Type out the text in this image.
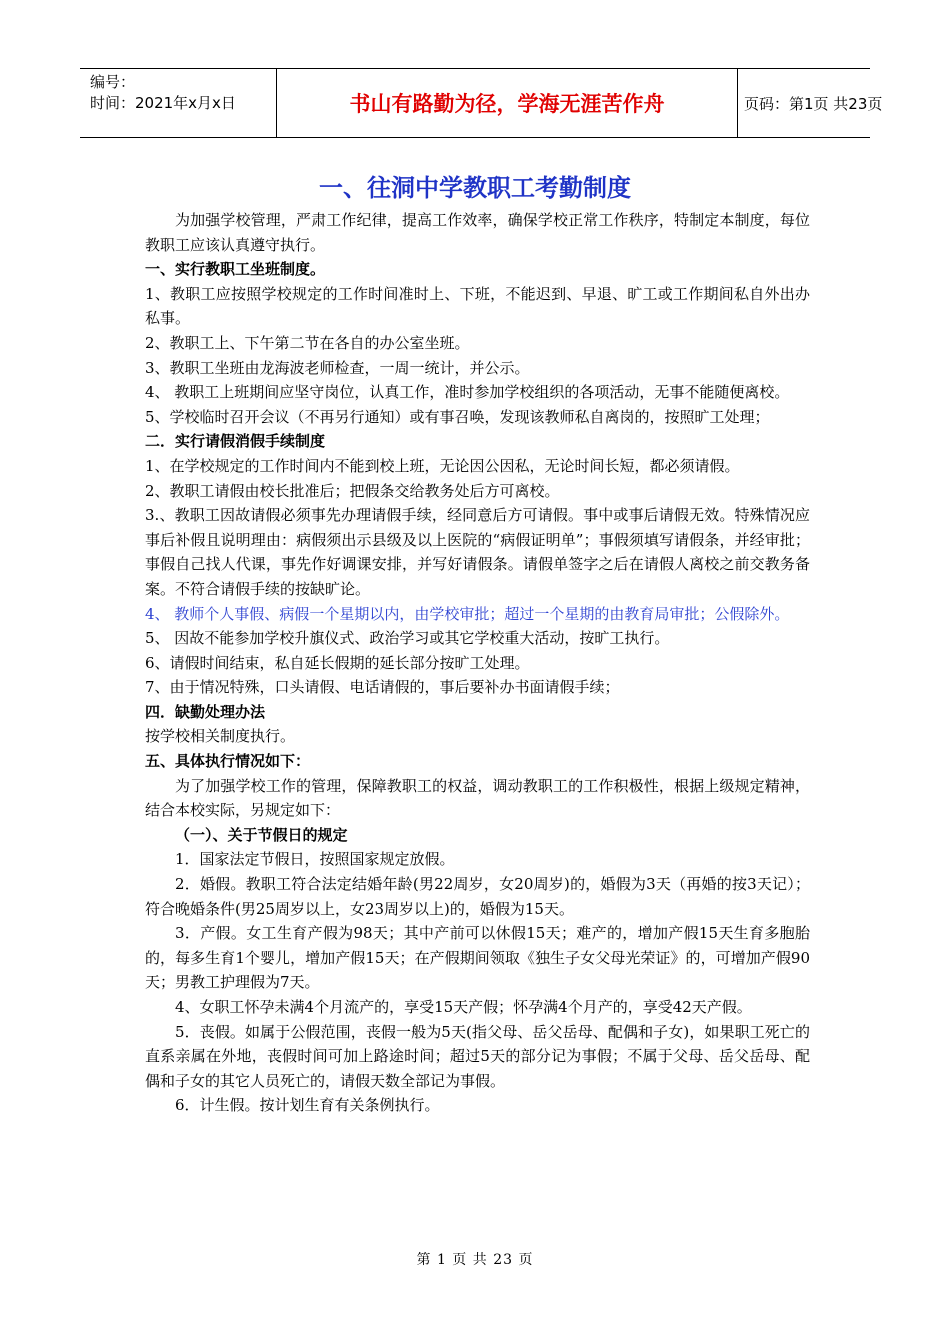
编号：
时间：2021年x月x日	书山有路勤为径，学海无涯苦作舟	页码：第1页 共23页
一、往洞中学教职工考勤制度

为加强学校管理，严肃工作纪律，提高工作效率，确保学校正常工作秩序，特制定本制度，每位教职工应该认真遵守执行。

一、实行教职工坐班制度。

1、教职工应按照学校规定的工作时间准时上、下班，不能迟到、早退、旷工或工作期间私自外出办私事。

2、教职工上、下午第二节在各自的办公室坐班。

3、教职工坐班由龙海波老师检查，一周一统计，并公示。

4、 教职工上班期间应坚守岗位，认真工作，准时参加学校组织的各项活动，无事不能随便离校。

5、学校临时召开会议（不再另行通知）或有事召唤，发现该教师私自离岗的，按照旷工处理；

二．实行请假消假手续制度

1、在学校规定的工作时间内不能到校上班，无论因公因私，无论时间长短，都必须请假。

2、教职工请假由校长批准后；把假条交给教务处后方可离校。

3.、教职工因故请假必须事先办理请假手续，经同意后方可请假。事中或事后请假无效。特殊情况应事后补假且说明理由：病假须出示县级及以上医院的“病假证明单”；事假须填写请假条，并经审批；事假自己找人代课，事先作好调课安排，并写好请假条。请假单签字之后在请假人离校之前交教务备案。不符合请假手续的按缺旷论。

4、 教师个人事假、病假一个星期以内，由学校审批；超过一个星期的由教育局审批；公假除外。

5、 因故不能参加学校升旗仪式、政治学习或其它学校重大活动，按旷工执行。

6、请假时间结束，私自延长假期的延长部分按旷工处理。

7、由于情况特殊，口头请假、电话请假的，事后要补办书面请假手续；

四．缺勤处理办法

按学校相关制度执行。

五、具体执行情况如下：

为了加强学校工作的管理，保障教职工的权益，调动教职工的工作积极性，根据上级规定精神，结合本校实际，另规定如下：

（一）、关于节假日的规定

1．国家法定节假日，按照国家规定放假。

2．婚假。教职工符合法定结婚年龄(男22周岁，女20周岁)的，婚假为3天（再婚的按3天记）；符合晚婚条件(男25周岁以上，女23周岁以上)的，婚假为15天。

3．产假。女工生育产假为98天；其中产前可以休假15天；难产的，增加产假15天生育多胞胎的，每多生育1个婴儿，增加产假15天；在产假期间领取《独生子女父母光荣证》的，可增加产假90天；男教工护理假为7天。

4、女职工怀孕未满4个月流产的，享受15天产假；怀孕满4个月产的，享受42天产假。

5．丧假。如属于公假范围，丧假一般为5天(指父母、岳父岳母、配偶和子女)，如果职工死亡的直系亲属在外地，丧假时间可加上路途时间；超过5天的部分记为事假；不属于父母、岳父岳母、配偶和子女的其它人员死亡的，请假天数全部记为事假。

6．计生假。按计划生育有关条例执行。

第 1 页 共 23 页
